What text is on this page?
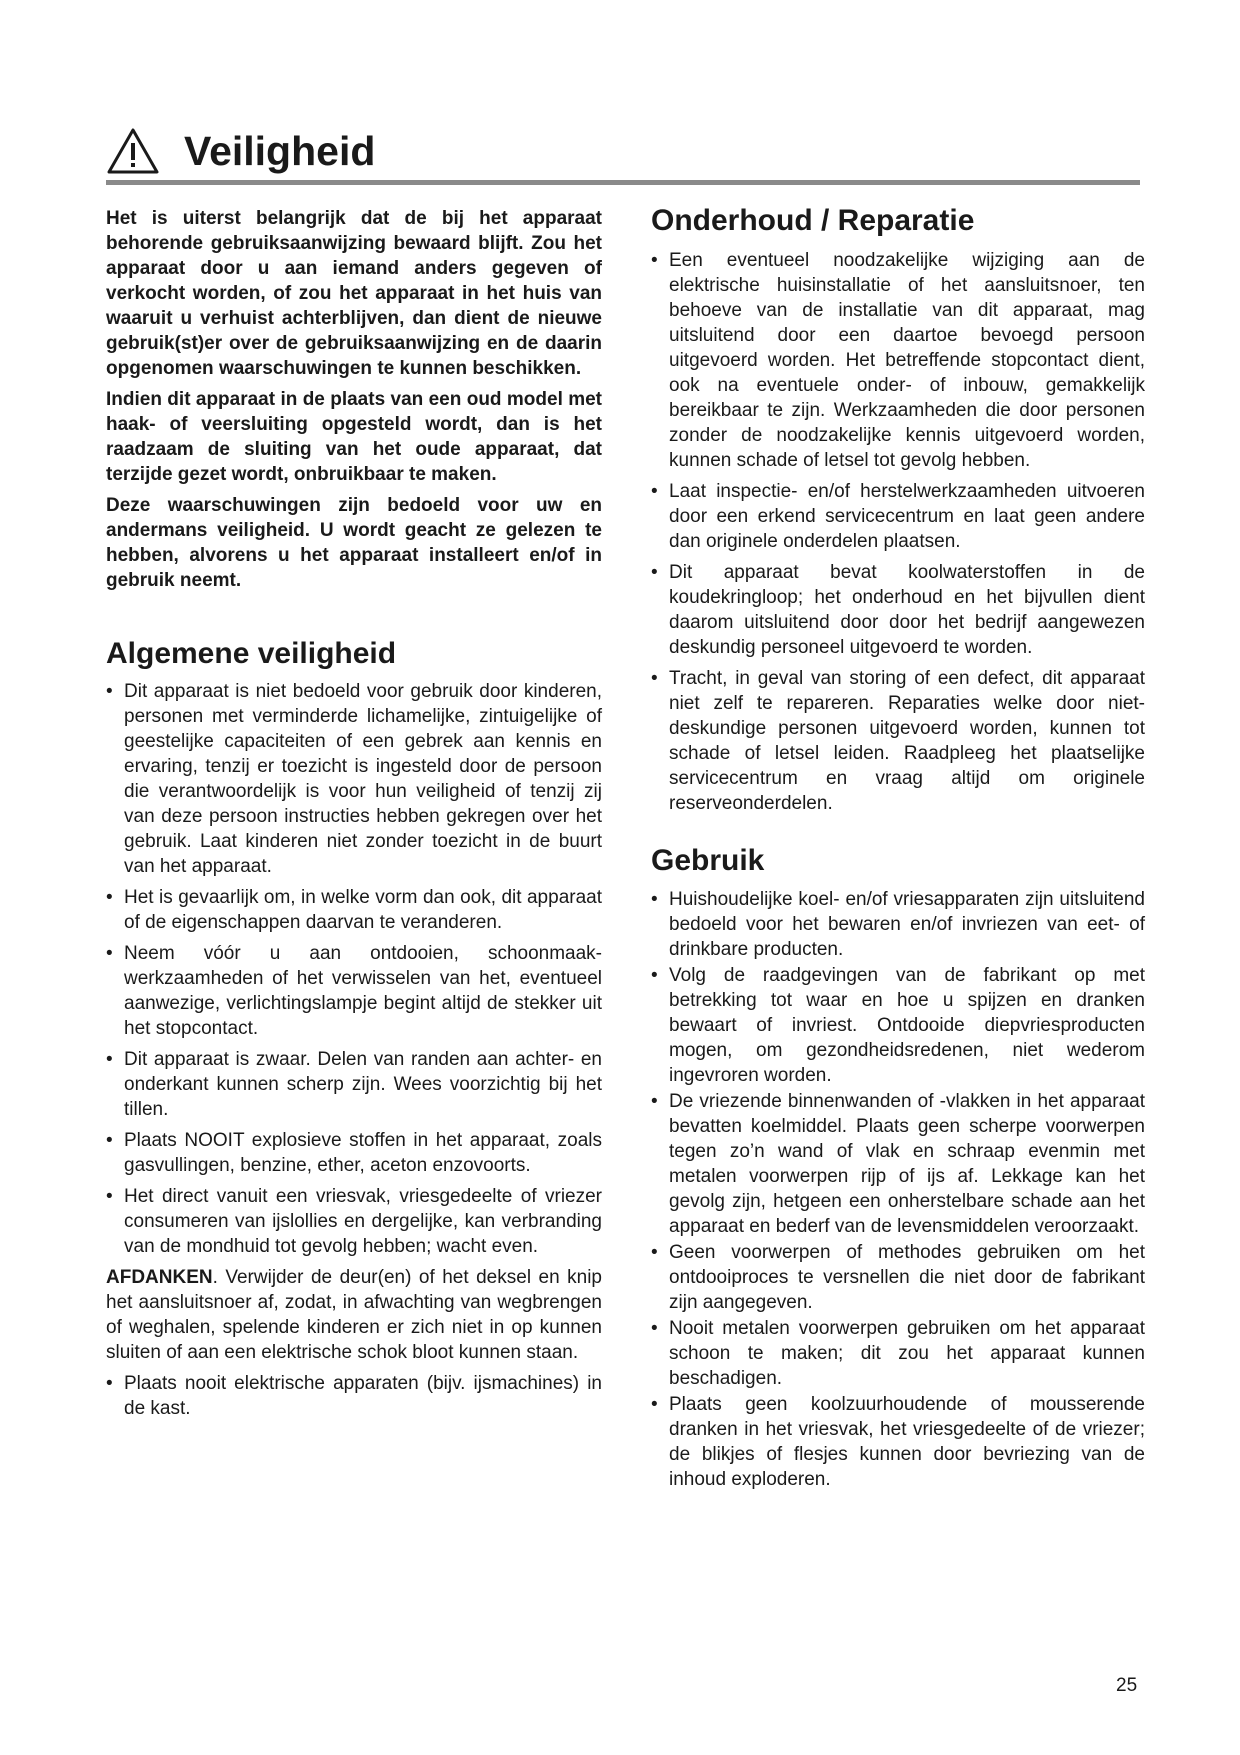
Veiligheid

Het is uiterst belangrijk dat de bij het apparaat behorende gebruiksaanwijzing bewaard blijft. Zou het apparaat door u aan iemand anders gegeven of verkocht worden, of zou het apparaat in het huis van waaruit u verhuist achterblijven, dan dient de nieuwe gebruik(st)er over de gebruiksaanwijzing en de daarin opgenomen waarschuwingen te kunnen beschikken.

Indien dit apparaat in de plaats van een oud model met haak- of veersluiting opgesteld wordt, dan is het raadzaam de sluiting van het oude apparaat, dat terzijde gezet wordt, onbruikbaar te maken.

Deze waarschuwingen zijn bedoeld voor uw en andermans veiligheid. U wordt geacht ze gelezen te hebben, alvorens u het apparaat installeert en/of in gebruik neemt.

Algemene veiligheid
• Dit apparaat is niet bedoeld voor gebruik door kinderen, personen met verminderde lichamelijke, zintuigelijke of geestelijke capaciteiten of een gebrek aan kennis en ervaring, tenzij er toezicht is ingesteld door de persoon die verantwoordelijk is voor hun veiligheid of tenzij zij van deze persoon instructies hebben gekregen over het gebruik. Laat kinderen niet zonder toezicht in de buurt van het apparaat.
• Het is gevaarlijk om, in welke vorm dan ook, dit apparaat of de eigenschappen daarvan te veranderen.
• Neem vóór u aan ontdooien, schoonmaak-werkzaamheden of het verwisselen van het, eventueel aanwezige, verlichtingslampje begint altijd de stekker uit het stopcontact.
• Dit apparaat is zwaar. Delen van randen aan achter- en onderkant kunnen scherp zijn. Wees voorzichtig bij het tillen.
• Plaats NOOIT explosieve stoffen in het apparaat, zoals gasvullingen, benzine, ether, aceton enzovoorts.
• Het direct vanuit een vriesvak, vriesgedeelte of vriezer consumeren van ijslollies en dergelijke, kan verbranding van de mondhuid tot gevolg hebben; wacht even.

AFDANKEN. Verwijder de deur(en) of het deksel en knip het aansluitsnoer af, zodat, in afwachting van wegbrengen of weghalen, spelende kinderen er zich niet in op kunnen sluiten of aan een elektrische schok bloot kunnen staan.

• Plaats nooit elektrische apparaten (bijv. ijsmachines) in de kast.
Onderhoud / Reparatie
• Een eventueel noodzakelijke wijziging aan de elektrische huisinstallatie of het aansluitsnoer, ten behoeve van de installatie van dit apparaat, mag uitsluitend door een daartoe bevoegd persoon uitgevoerd worden. Het betreffende stopcontact dient, ook na eventuele onder- of inbouw, gemakkelijk bereikbaar te zijn. Werkzaamheden die door personen zonder de noodzakelijke kennis uitgevoerd worden, kunnen schade of letsel tot gevolg hebben.
• Laat inspectie- en/of herstelwerkzaamheden uitvoeren door een erkend servicecentrum en laat geen andere dan originele onderdelen plaatsen.
• Dit apparaat bevat koolwaterstoffen in de koudekringloop; het onderhoud en het bijvullen dient daarom uitsluitend door door het bedrijf aangewezen deskundig personeel uitgevoerd te worden.
• Tracht, in geval van storing of een defect, dit apparaat niet zelf te repareren. Reparaties welke door niet-deskundige personen uitgevoerd worden, kunnen tot schade of letsel leiden. Raadpleeg het plaatselijke servicecentrum en vraag altijd om originele reserveonderdelen.
Gebruik
• Huishoudelijke koel- en/of vriesapparaten zijn uitsluitend bedoeld voor het bewaren en/of invriezen van eet- of drinkbare producten.
• Volg de raadgevingen van de fabrikant op met betrekking tot waar en hoe u spijzen en dranken bewaart of invriest. Ontdooide diepvriesproducten mogen, om gezondheidsredenen, niet wederom ingevroren worden.
• De vriezende binnenwanden of -vlakken in het apparaat bevatten koelmiddel. Plaats geen scherpe voorwerpen tegen zo’n wand of vlak en schraap evenmin met metalen voorwerpen rijp of ijs af. Lekkage kan het gevolg zijn, hetgeen een onherstelbare schade aan het apparaat en bederf van de levensmiddelen veroorzaakt.
• Geen voorwerpen of methodes gebruiken om het ontdooiproces te versnellen die niet door de fabrikant zijn aangegeven.
• Nooit metalen voorwerpen gebruiken om het apparaat schoon te maken; dit zou het apparaat kunnen beschadigen.
• Plaats geen koolzuurhoudende of mousserende dranken in het vriesvak, het vriesgedeelte of de vriezer; de blikjes of flesjes kunnen door bevriezing van de inhoud exploderen.
25
